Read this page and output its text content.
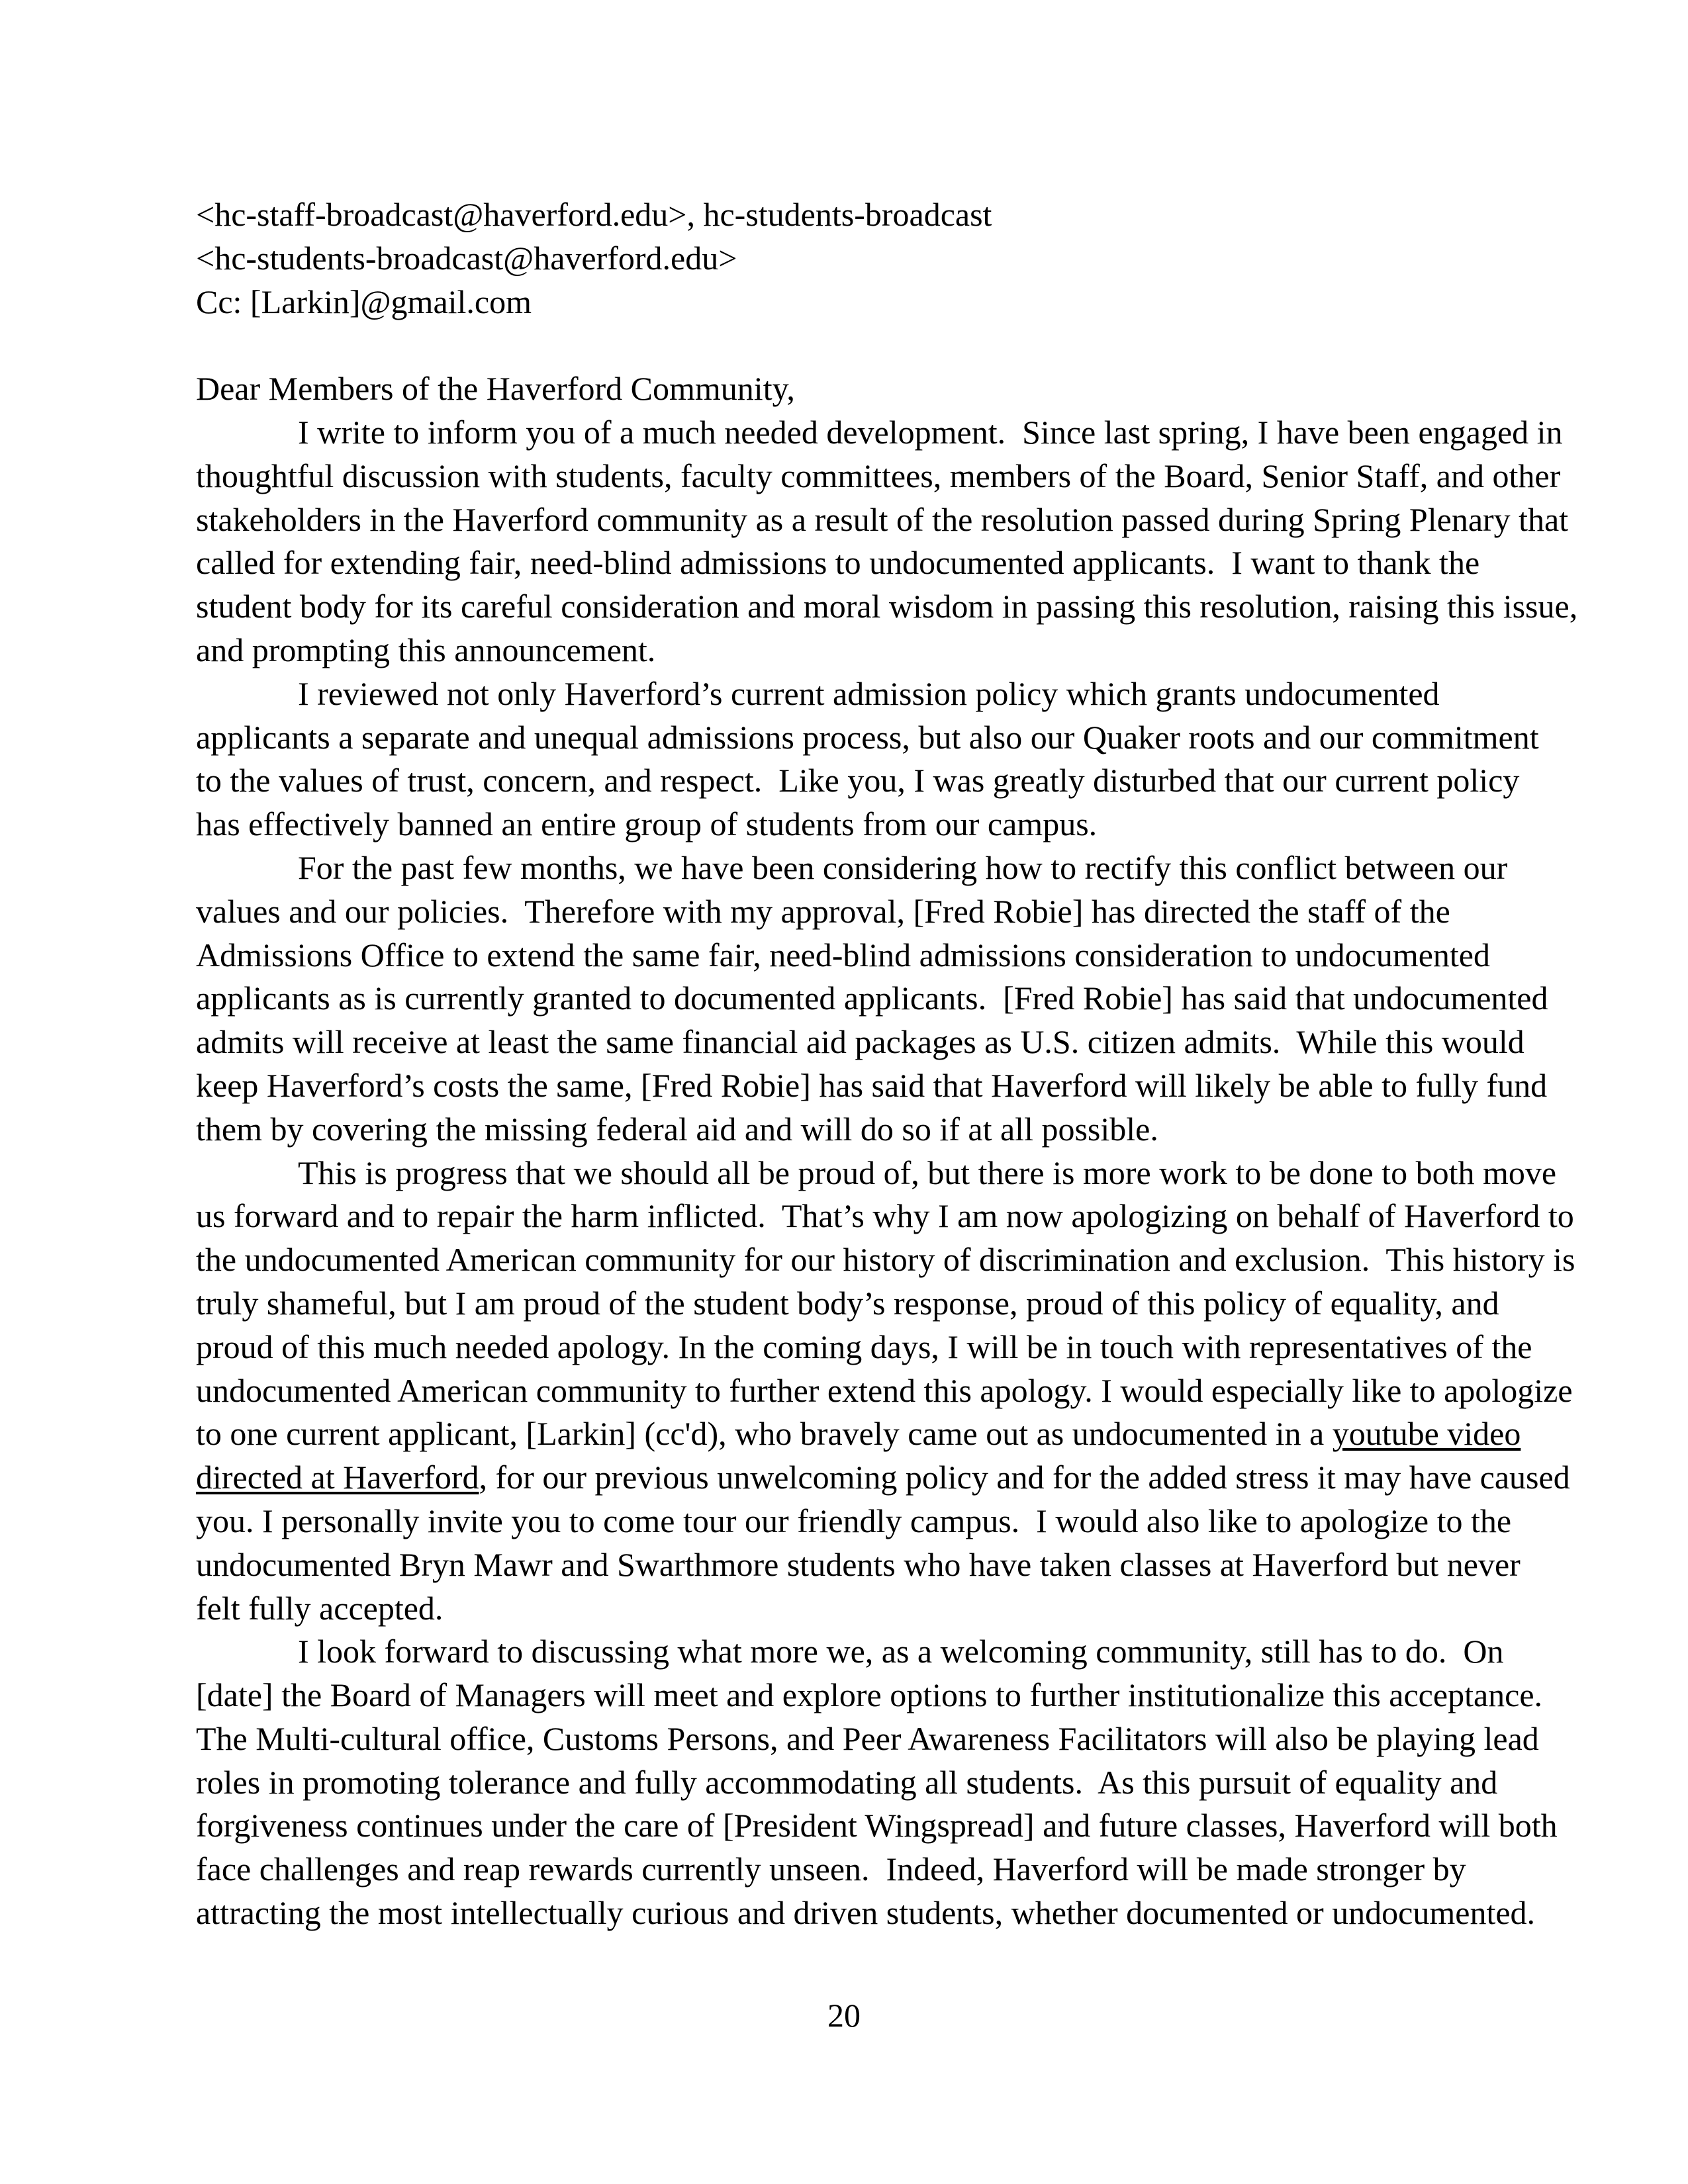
<hc-staff-broadcast@haverford.edu>, hc-students-broadcast
<hc-students-broadcast@haverford.edu>
Cc: [Larkin]@gmail.com
Dear Members of the Haverford Community,
I write to inform you of a much needed development.  Since last spring, I have been engaged in
thoughtful discussion with students, faculty committees, members of the Board, Senior Staff, and other
stakeholders in the Haverford community as a result of the resolution passed during Spring Plenary that
called for extending fair, need-blind admissions to undocumented applicants.  I want to thank the
student body for its careful consideration and moral wisdom in passing this resolution, raising this issue,
and prompting this announcement.
I reviewed not only Haverford’s current admission policy which grants undocumented
applicants a separate and unequal admissions process, but also our Quaker roots and our commitment
to the values of trust, concern, and respect.  Like you, I was greatly disturbed that our current policy
has effectively banned an entire group of students from our campus.
For the past few months, we have been considering how to rectify this conflict between our
values and our policies.  Therefore with my approval, [Fred Robie] has directed the staff of the
Admissions Office to extend the same fair, need-blind admissions consideration to undocumented
applicants as is currently granted to documented applicants.  [Fred Robie] has said that undocumented
admits will receive at least the same financial aid packages as U.S. citizen admits.  While this would
keep Haverford’s costs the same, [Fred Robie] has said that Haverford will likely be able to fully fund
them by covering the missing federal aid and will do so if at all possible.
This is progress that we should all be proud of, but there is more work to be done to both move
us forward and to repair the harm inflicted.  That’s why I am now apologizing on behalf of Haverford to
the undocumented American community for our history of discrimination and exclusion.  This history is
truly shameful, but I am proud of the student body’s response, proud of this policy of equality, and
proud of this much needed apology. In the coming days, I will be in touch with representatives of the
undocumented American community to further extend this apology. I would especially like to apologize
to one current applicant, [Larkin] (cc'd), who bravely came out as undocumented in a youtube video
directed at Haverford, for our previous unwelcoming policy and for the added stress it may have caused
you. I personally invite you to come tour our friendly campus.  I would also like to apologize to the
undocumented Bryn Mawr and Swarthmore students who have taken classes at Haverford but never
felt fully accepted.
I look forward to discussing what more we, as a welcoming community, still has to do.  On
[date] the Board of Managers will meet and explore options to further institutionalize this acceptance.
The Multi-cultural office, Customs Persons, and Peer Awareness Facilitators will also be playing lead
roles in promoting tolerance and fully accommodating all students.  As this pursuit of equality and
forgiveness continues under the care of [President Wingspread] and future classes, Haverford will both
face challenges and reap rewards currently unseen.  Indeed, Haverford will be made stronger by
attracting the most intellectually curious and driven students, whether documented or undocumented.
20
